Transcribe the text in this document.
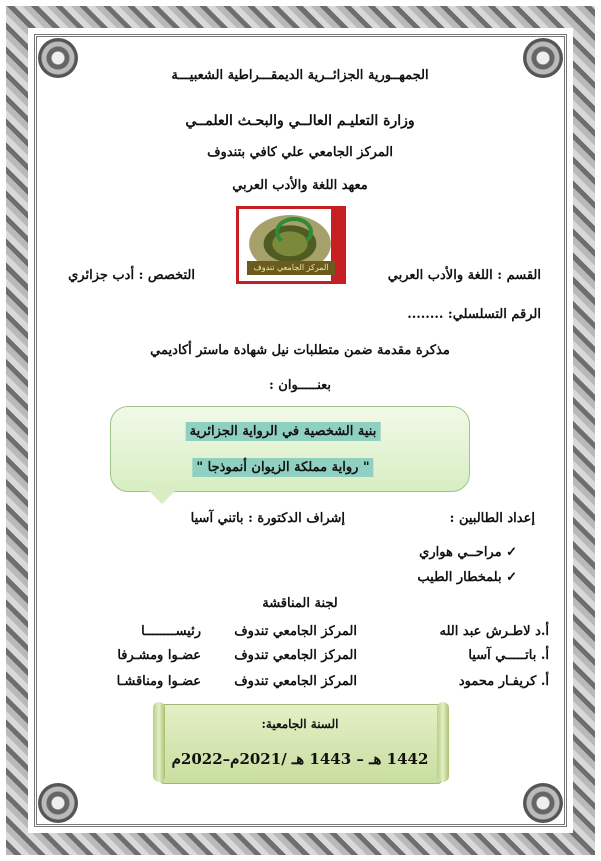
الجمهــورية الجزائــرية الديمقـــراطية الشعبيـــة
وزارة التعليـم العالــي والبحـث العلمــي
المركز الجامعي علي كافي بتندوف
معهد اللغة والأدب العربي
المركز الجامعي تندوف
القسم : اللغة والأدب العربي
التخصص : أدب جزائري
الرقم التسلسلي: ........
مذكرة مقدمة ضمن متطلبات نيل شهادة ماستر أكاديمي
بعنـــــوان :
بنية الشخصية في الرواية الجزائرية
" رواية مملكة الزيوان أنموذجا "
إعداد الطالبين :
إشراف الدكتورة : باتني آسيا
✓ مراحــي هواري
✓ بلمخطار الطيب
لجنة المناقشة
أ.د لاطـرش عبد الله
المركز الجامعي تندوف
رئيســــــــا
أ. باتـــــي آسيا
المركز الجامعي تندوف
عضـوا ومشـرفا
أ. كريفـار محمود
المركز الجامعي تندوف
عضـوا ومناقشـا
السنة الجامعية:
1442 هـ – 1443 هـ /2021م–2022م
